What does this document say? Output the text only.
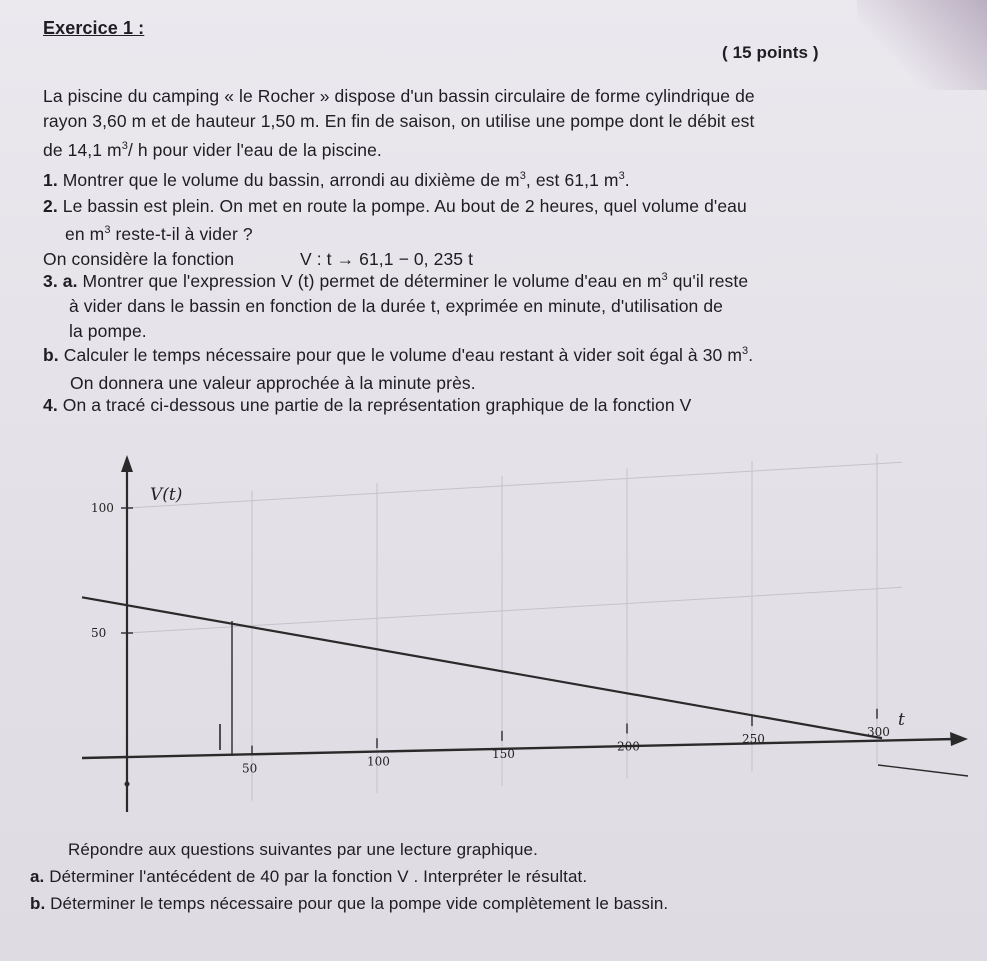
Exercice 1 :
( 15 points )
La piscine du camping « le Rocher » dispose d'un bassin circulaire de forme cylindrique de
rayon 3,60 m et de hauteur 1,50 m. En fin de saison, on utilise une pompe dont le débit est
de 14,1 $m^3/$ h pour vider l'eau de la piscine.
1. Montrer que le volume du bassin, arrondi au dixième de $m^3$, est 61,1 $m^3$.
2. Le bassin est plein. On met en route la pompe. Au bout de 2 heures, quel volume d'eau
en $m^3$ reste-t-il à vider ?
On considère la fonction	V : t → 61,1 − 0, 235 t
3. a. Montrer que l'expression V (t) permet de déterminer le volume d'eau en $m^3$ qu'il reste
à vider dans le bassin en fonction de la durée t, exprimée en minute, d'utilisation de
la pompe.
b. Calculer le temps nécessaire pour que le volume d'eau restant à vider soit égal à 30 $m^3$.
On donnera une valeur approchée à la minute près.
4. On a tracé ci-dessous une partie de la représentation graphique de la fonction V
50
100
150
200
250
300
100
50
V(t)
t
Répondre aux questions suivantes par une lecture graphique.
a. Déterminer l'antécédent de 40 par la fonction V . Interpréter le résultat.
b. Déterminer le temps nécessaire pour que la pompe vide complètement le bassin.
